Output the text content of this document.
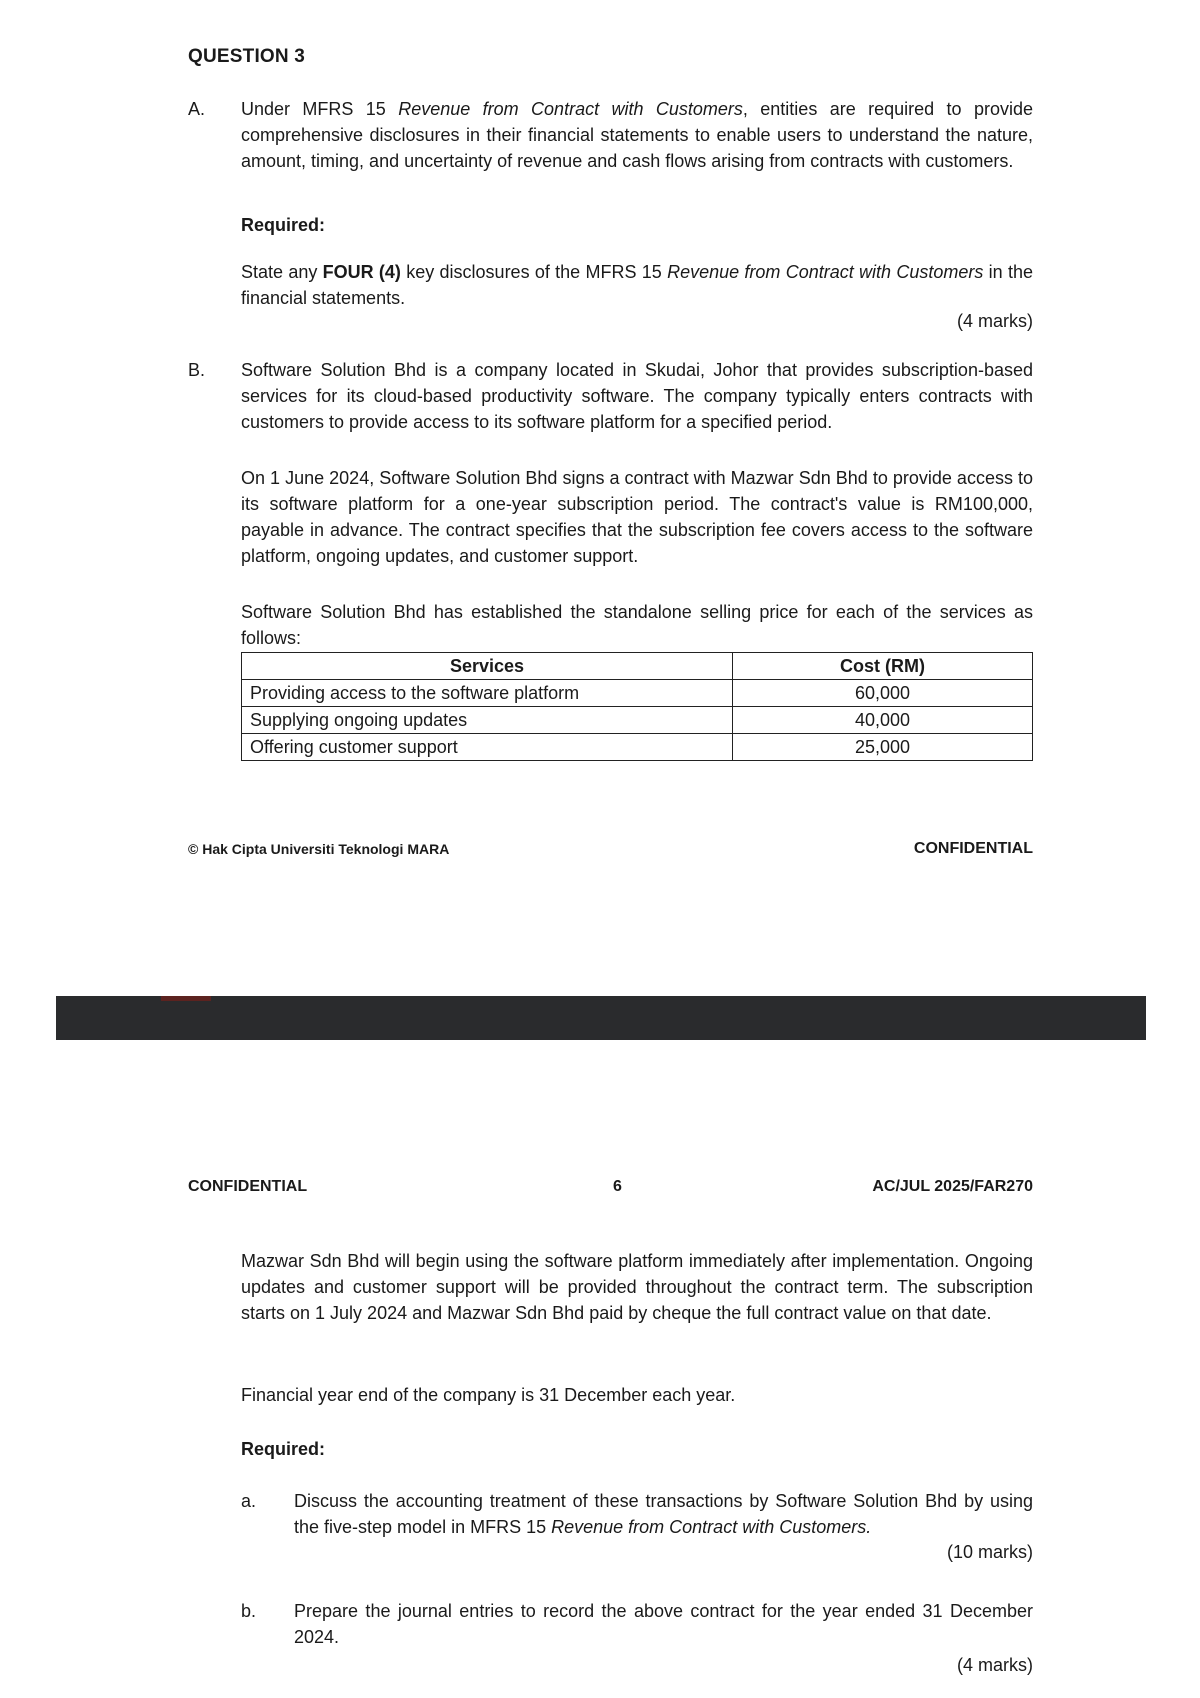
QUESTION 3
A. Under MFRS 15 Revenue from Contract with Customers, entities are required to provide comprehensive disclosures in their financial statements to enable users to understand the nature, amount, timing, and uncertainty of revenue and cash flows arising from contracts with customers.
Required:
State any FOUR (4) key disclosures of the MFRS 15 Revenue from Contract with Customers in the financial statements.
(4 marks)
B. Software Solution Bhd is a company located in Skudai, Johor that provides subscription-based services for its cloud-based productivity software. The company typically enters contracts with customers to provide access to its software platform for a specified period.
On 1 June 2024, Software Solution Bhd signs a contract with Mazwar Sdn Bhd to provide access to its software platform for a one-year subscription period. The contract's value is RM100,000, payable in advance. The contract specifies that the subscription fee covers access to the software platform, ongoing updates, and customer support.
Software Solution Bhd has established the standalone selling price for each of the services as follows:
Services	Cost (RM)
Providing access to the software platform	60,000
Supplying ongoing updates	40,000
Offering customer support	25,000
© Hak Cipta Universiti Teknologi MARA	CONFIDENTIAL
CONFIDENTIAL	6	AC/JUL 2025/FAR270
Mazwar Sdn Bhd will begin using the software platform immediately after implementation. Ongoing updates and customer support will be provided throughout the contract term. The subscription starts on 1 July 2024 and Mazwar Sdn Bhd paid by cheque the full contract value on that date.
Financial year end of the company is 31 December each year.
Required:
a. Discuss the accounting treatment of these transactions by Software Solution Bhd by using the five-step model in MFRS 15 Revenue from Contract with Customers.
(10 marks)
b. Prepare the journal entries to record the above contract for the year ended 31 December 2024.
(4 marks)
